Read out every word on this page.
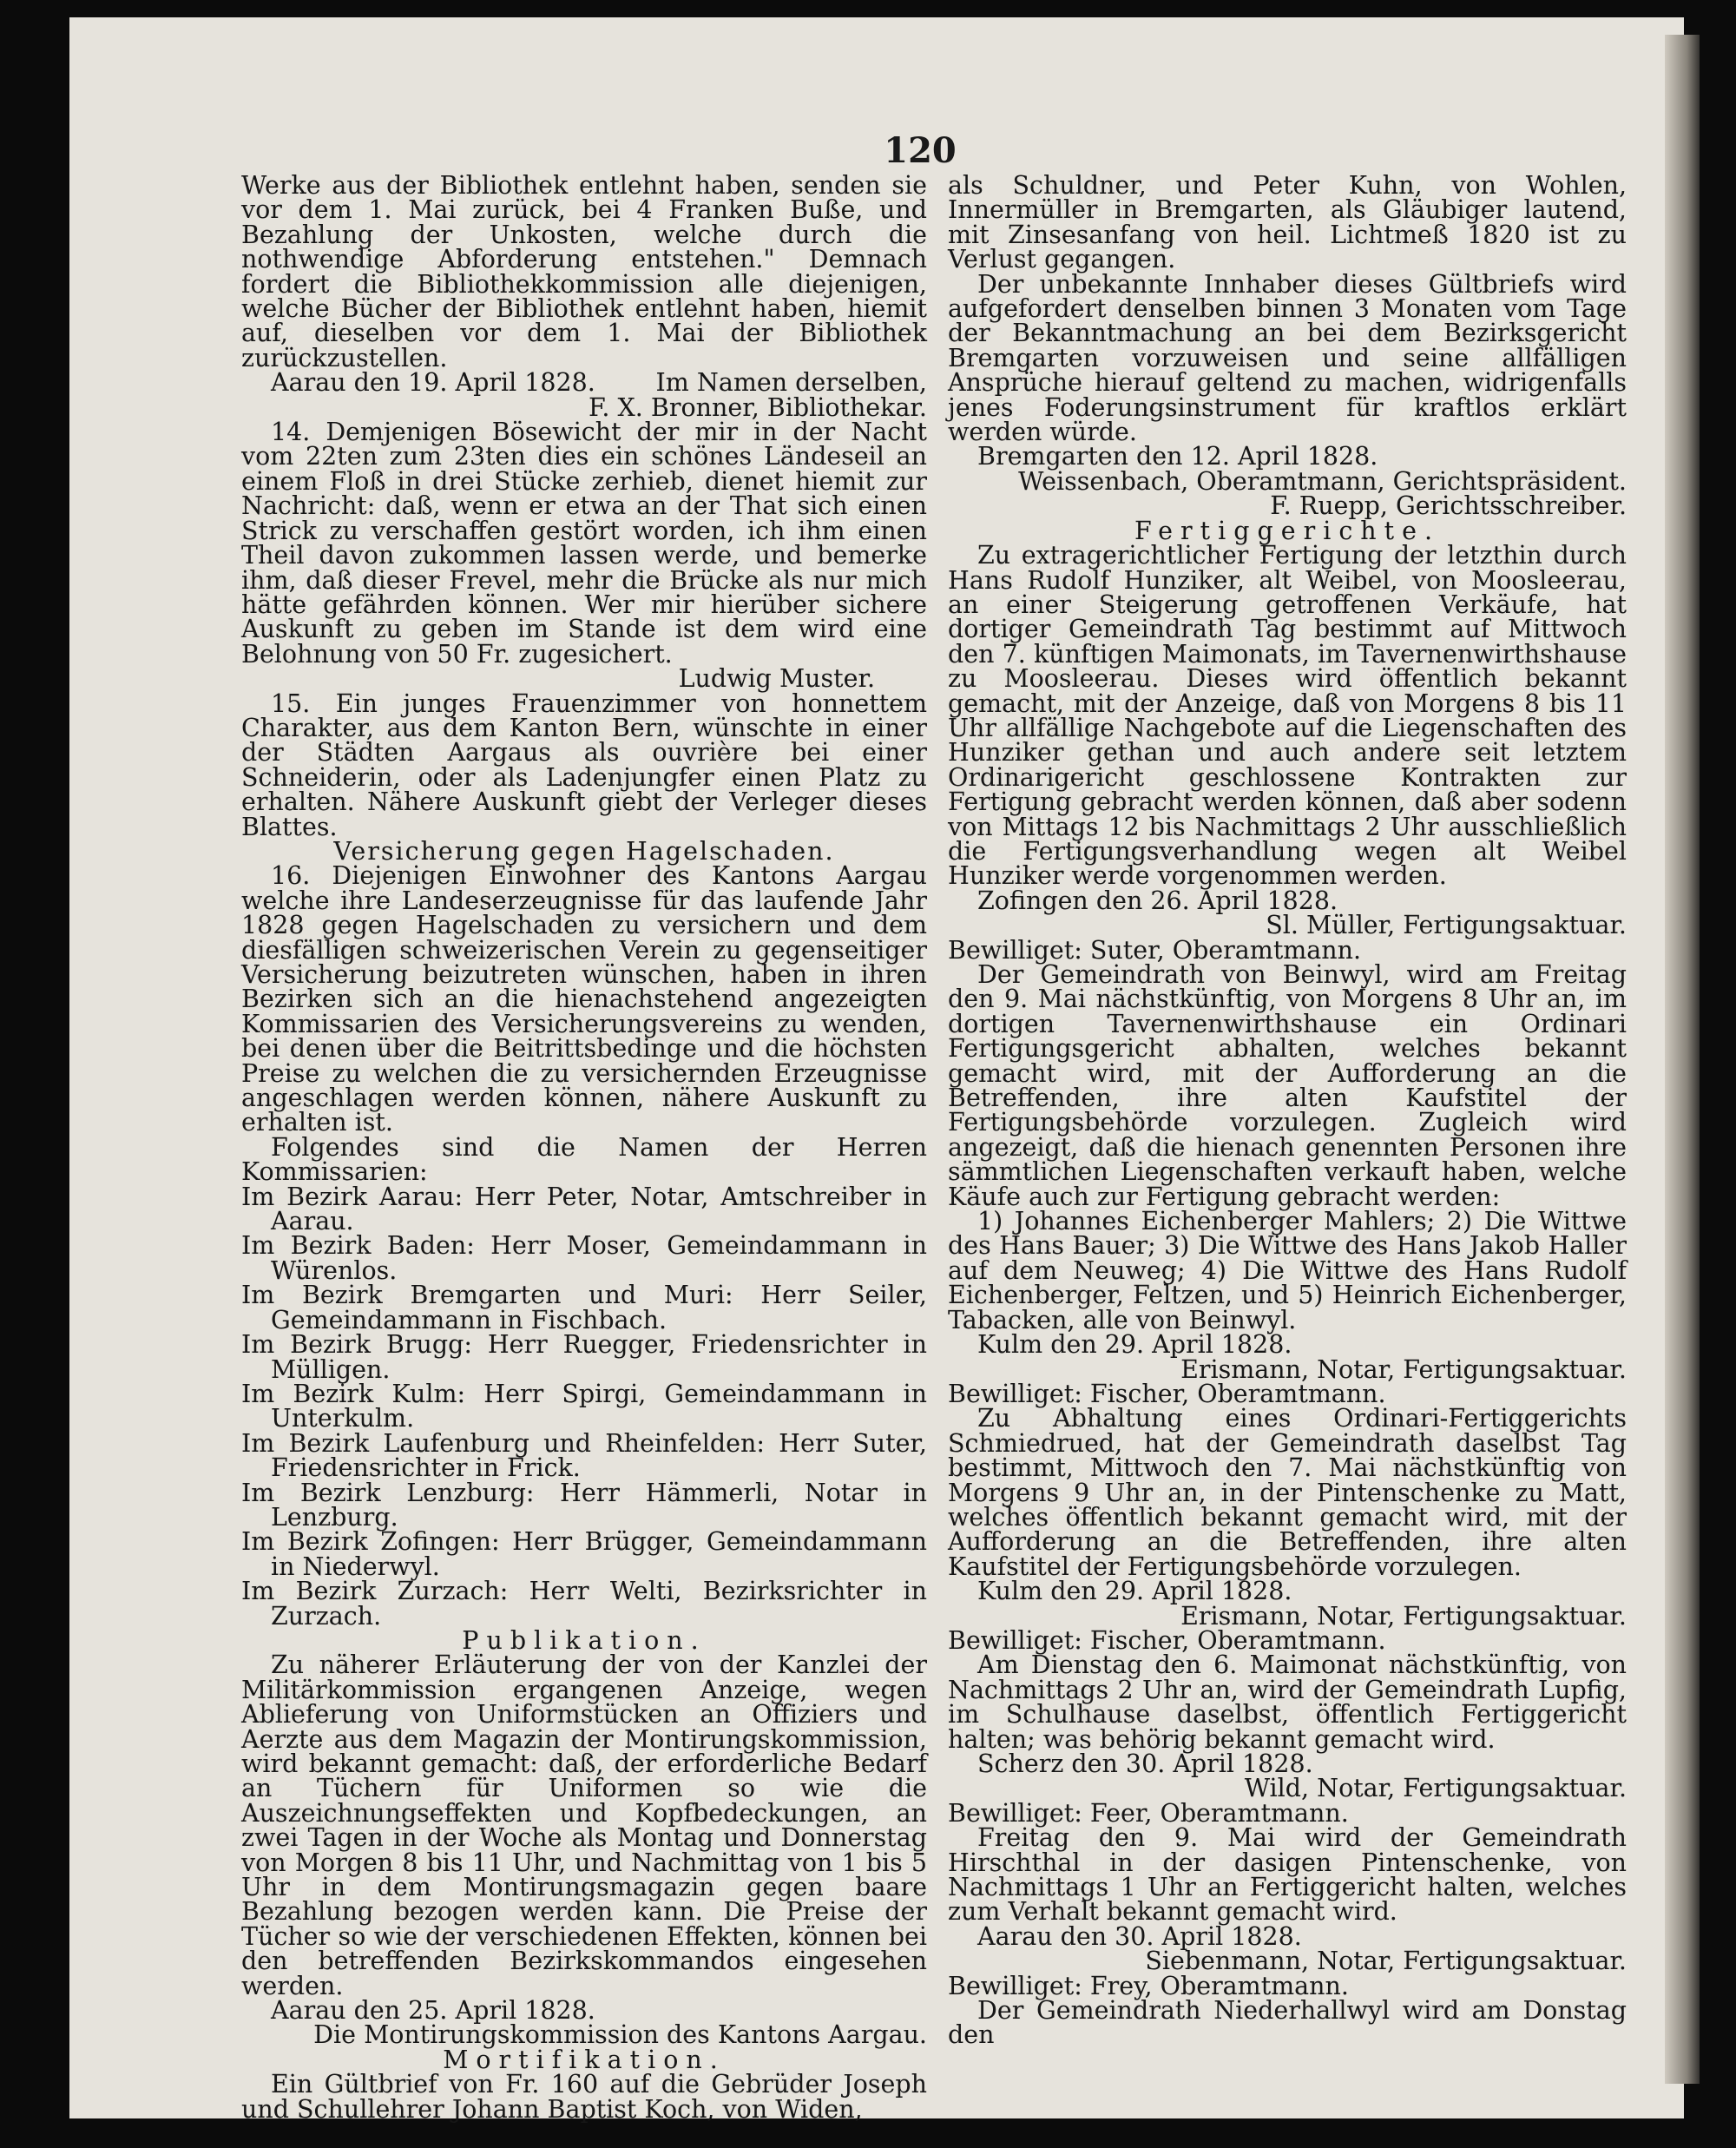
120

Werke aus der Bibliothek entlehnt haben, senden sie vor dem 1. Mai zurück, bei 4 Franken Buße, und Bezahlung der Unkosten, welche durch die nothwendige Abforderung entstehen." Demnach fordert die Bibliothekkommission alle diejenigen, welche Bücher der Bibliothek entlehnt haben, hiemit auf, dieselben vor dem 1. Mai der Bibliothek zurückzustellen.

Aarau den 19. April 1828.	Im Namen derselben,

F. X. Bronner, Bibliothekar.

14. Demjenigen Bösewicht der mir in der Nacht vom 22ten zum 23ten dies ein schönes Ländeseil an einem Floß in drei Stücke zerhieb, dienet hiemit zur Nachricht: daß, wenn er etwa an der That sich einen Strick zu verschaffen gestört worden, ich ihm einen Theil davon zukommen lassen werde, und bemerke ihm, daß dieser Frevel, mehr die Brücke als nur mich hätte gefährden können. Wer mir hierüber sichere Auskunft zu geben im Stande ist dem wird eine Belohnung von 50 Fr. zugesichert.

Ludwig Muster.

15. Ein junges Frauenzimmer von honnettem Charakter, aus dem Kanton Bern, wünschte in einer der Städten Aargaus als ouvrière bei einer Schneiderin, oder als Ladenjungfer einen Platz zu erhalten. Nähere Auskunft giebt der Verleger dieses Blattes.

Versicherung gegen Hagelschaden.

16. Diejenigen Einwohner des Kantons Aargau welche ihre Landeserzeugnisse für das laufende Jahr 1828 gegen Hagelschaden zu versichern und dem diesfälligen schweizerischen Verein zu gegenseitiger Versicherung beizutreten wünschen, haben in ihren Bezirken sich an die hienachstehend angezeigten Kommissarien des Versicherungsvereins zu wenden, bei denen über die Beitrittsbedinge und die höchsten Preise zu welchen die zu versichernden Erzeugnisse angeschlagen werden können, nähere Auskunft zu erhalten ist.

Folgendes sind die Namen der Herren Kommissarien:

Im Bezirk Aarau: Herr Peter, Notar, Amtschreiber in Aarau.

Im Bezirk Baden: Herr Moser, Gemeindammann in Würenlos.

Im Bezirk Bremgarten und Muri: Herr Seiler, Gemeindammann in Fischbach.

Im Bezirk Brugg: Herr Ruegger, Friedensrichter in Mülligen.

Im Bezirk Kulm: Herr Spirgi, Gemeindammann in Unterkulm.

Im Bezirk Laufenburg und Rheinfelden: Herr Suter, Friedensrichter in Frick.

Im Bezirk Lenzburg: Herr Hämmerli, Notar in Lenzburg.

Im Bezirk Zofingen: Herr Brügger, Gemeindammann in Niederwyl.

Im Bezirk Zurzach: Herr Welti, Bezirksrichter in Zurzach.

Publikation.

Zu näherer Erläuterung der von der Kanzlei der Militärkommission ergangenen Anzeige, wegen Ablieferung von Uniformstücken an Offiziers und Aerzte aus dem Magazin der Montirungskommission, wird bekannt gemacht: daß, der erforderliche Bedarf an Tüchern für Uniformen so wie die Auszeichnungseffekten und Kopfbedeckungen, an zwei Tagen in der Woche als Montag und Donnerstag von Morgen 8 bis 11 Uhr, und Nachmittag von 1 bis 5 Uhr in dem Montirungsmagazin gegen baare Bezahlung bezogen werden kann. Die Preise der Tücher so wie der verschiedenen Effekten, können bei den betreffenden Bezirkskommandos eingesehen werden.

Aarau den 25. April 1828.

Die Montirungskommission des Kantons Aargau.

Mortifikation.

Ein Gültbrief von Fr. 160 auf die Gebrüder Joseph und Schullehrer Johann Baptist Koch, von Widen,

als Schuldner, und Peter Kuhn, von Wohlen, Innermüller in Bremgarten, als Gläubiger lautend, mit Zinsesanfang von heil. Lichtmeß 1820 ist zu Verlust gegangen.

Der unbekannte Innhaber dieses Gültbriefs wird aufgefordert denselben binnen 3 Monaten vom Tage der Bekanntmachung an bei dem Bezirksgericht Bremgarten vorzuweisen und seine allfälligen Ansprüche hierauf geltend zu machen, widrigenfalls jenes Foderungsinstrument für kraftlos erklärt werden würde.

Bremgarten den 12. April 1828.

Weissenbach, Oberamtmann, Gerichtspräsident.

F. Ruepp, Gerichtsschreiber.

Fertiggerichte.

Zu extragerichtlicher Fertigung der letzthin durch Hans Rudolf Hunziker, alt Weibel, von Moosleerau, an einer Steigerung getroffenen Verkäufe, hat dortiger Gemeindrath Tag bestimmt auf Mittwoch den 7. künftigen Maimonats, im Tavernenwirthshause zu Moosleerau. Dieses wird öffentlich bekannt gemacht, mit der Anzeige, daß von Morgens 8 bis 11 Uhr allfällige Nachgebote auf die Liegenschaften des Hunziker gethan und auch andere seit letztem Ordinarigericht geschlossene Kontrakten zur Fertigung gebracht werden können, daß aber sodenn von Mittags 12 bis Nachmittags 2 Uhr ausschließlich die Fertigungsverhandlung wegen alt Weibel Hunziker werde vorgenommen werden.

Zofingen den 26. April 1828.

Sl. Müller, Fertigungsaktuar.

Bewilliget: Suter, Oberamtmann.

Der Gemeindrath von Beinwyl, wird am Freitag den 9. Mai nächstkünftig, von Morgens 8 Uhr an, im dortigen Tavernenwirthshause ein Ordinari Fertigungsgericht abhalten, welches bekannt gemacht wird, mit der Aufforderung an die Betreffenden, ihre alten Kaufstitel der Fertigungsbehörde vorzulegen. Zugleich wird angezeigt, daß die hienach genennten Personen ihre sämmtlichen Liegenschaften verkauft haben, welche Käufe auch zur Fertigung gebracht werden:

1) Johannes Eichenberger Mahlers; 2) Die Wittwe des Hans Bauer; 3) Die Wittwe des Hans Jakob Haller auf dem Neuweg; 4) Die Wittwe des Hans Rudolf Eichenberger, Feltzen, und 5) Heinrich Eichenberger, Tabacken, alle von Beinwyl.

Kulm den 29. April 1828.

Erismann, Notar, Fertigungsaktuar.

Bewilliget: Fischer, Oberamtmann.

Zu Abhaltung eines Ordinari-Fertiggerichts Schmiedrued, hat der Gemeindrath daselbst Tag bestimmt, Mittwoch den 7. Mai nächstkünftig von Morgens 9 Uhr an, in der Pintenschenke zu Matt, welches öffentlich bekannt gemacht wird, mit der Aufforderung an die Betreffenden, ihre alten Kaufstitel der Fertigungsbehörde vorzulegen.

Kulm den 29. April 1828.

Erismann, Notar, Fertigungsaktuar.

Bewilliget: Fischer, Oberamtmann.

Am Dienstag den 6. Maimonat nächstkünftig, von Nachmittags 2 Uhr an, wird der Gemeindrath Lupfig, im Schulhause daselbst, öffentlich Fertiggericht halten; was behörig bekannt gemacht wird.

Scherz den 30. April 1828.

Wild, Notar, Fertigungsaktuar.

Bewilliget: Feer, Oberamtmann.

Freitag den 9. Mai wird der Gemeindrath Hirschthal in der dasigen Pintenschenke, von Nachmittags 1 Uhr an Fertiggericht halten, welches zum Verhalt bekannt gemacht wird.

Aarau den 30. April 1828.

Siebenmann, Notar, Fertigungsaktuar.

Bewilliget: Frey, Oberamtmann.

Der Gemeindrath Niederhallwyl wird am Donstag den
